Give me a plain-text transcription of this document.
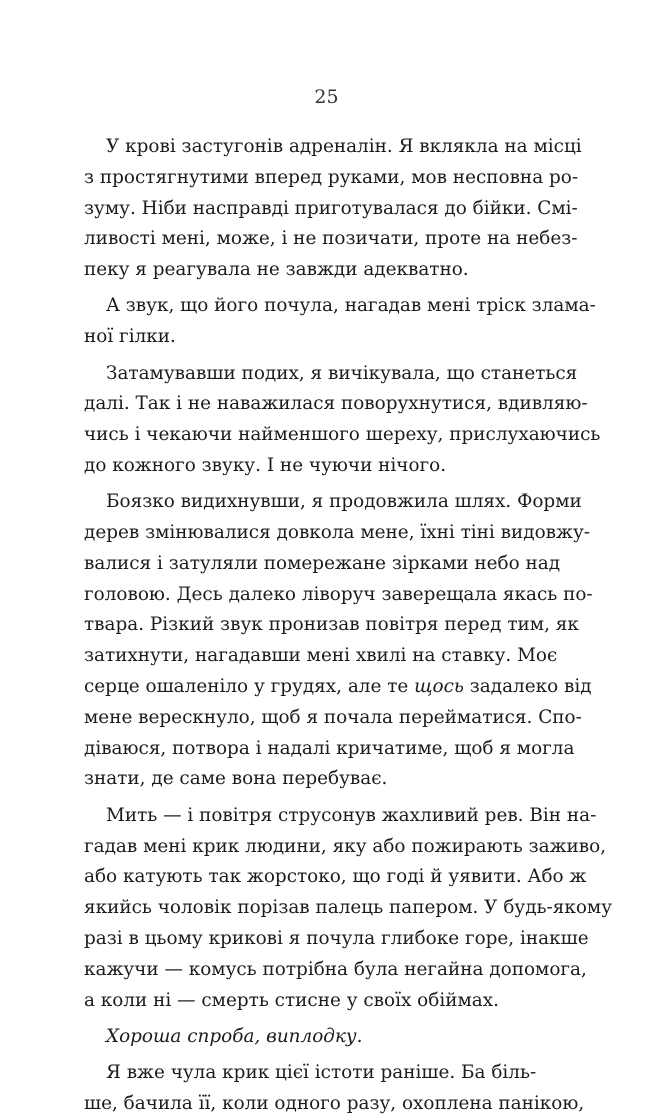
25
У крові застугонів адреналін. Я вклякла на місці
з простягнутими вперед руками, мов несповна ро-
зуму. Ніби насправді приготувалася до бійки. Смі-
ливості мені, може, і не позичати, проте на небез-
пеку я реагувала не завжди адекватно.
А звук, що його почула, нагадав мені тріск злама-
ної гілки.
Затамувавши подих, я вичікувала, що станеться
далі. Так і не наважилася поворухнутися, вдивляю-
чись і чекаючи найменшого шереху, прислухаючись
до кожного звуку. І не чуючи нічого.
Боязко видихнувши, я продовжила шлях. Форми
дерев змінювалися довкола мене, їхні тіні видовжу-
валися і затуляли помережане зірками небо над
головою. Десь далеко ліворуч заверещала якась по-
твара. Різкий звук пронизав повітря перед тим, як
затихнути, нагадавши мені хвилі на ставку. Моє
серце ошаленіло у грудях, але те щось задалеко від
мене верескнуло, щоб я почала перейматися. Спо-
діваюся, потвора і надалі кричатиме, щоб я могла
знати, де саме вона перебуває.
Мить — і повітря струсонув жахливий рев. Він на-
гадав мені крик людини, яку або пожирають заживо,
або катують так жорстоко, що годі й уявити. Або ж
якийсь чоловік порізав палець папером. У будь-якому
разі в цьому крикові я почула глибоке горе, інакше
кажучи — комусь потрібна була негайна допомога,
а коли ні — смерть стисне у своїх обіймах.
Хороша спроба, виплодку.
Я вже чула крик цієї істоти раніше. Ба біль-
ше, бачила її, коли одного разу, охоплена панікою,
